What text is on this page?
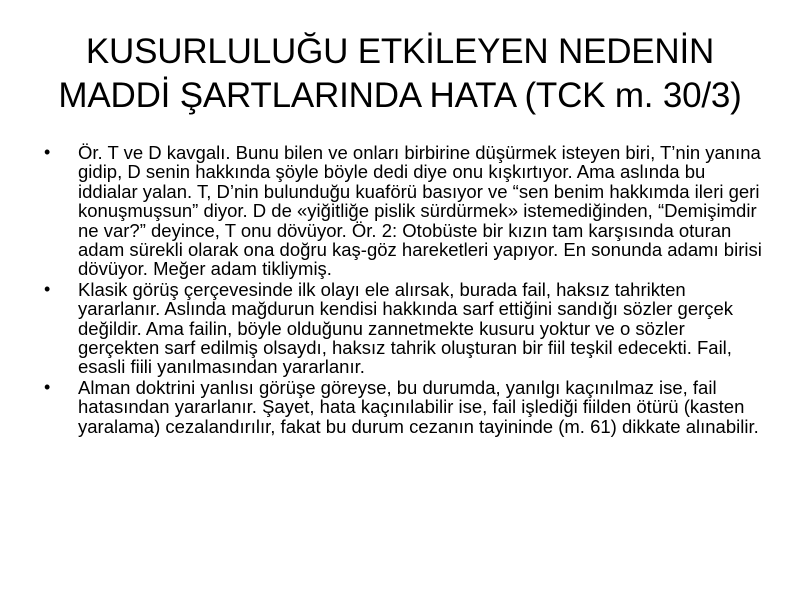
KUSURLULUĞU ETKİLEYEN NEDENİN
MADDİ ŞARTLARINDA HATA (TCK m. 30/3)
• Ör. T ve D kavgalı. Bunu bilen ve onları birbirine düşürmek isteyen biri, T’nin yanına gidip, D senin hakkında şöyle böyle dedi diye onu kışkırtıyor. Ama aslında bu iddialar yalan. T, D’nin bulunduğu kuaförü basıyor ve “sen benim hakkımda ileri geri konuşmuşsun” diyor. D de «yiğitliğe pislik sürdürmek» istemediğinden, “Demişimdir ne var?” deyince, T onu dövüyor. Ör. 2: Otobüste bir kızın tam karşısında oturan adam sürekli olarak ona doğru kaş-göz hareketleri yapıyor. En sonunda adamı birisi dövüyor. Meğer adam tikliymiş.
• Klasik görüş çerçevesinde ilk olayı ele alırsak, burada fail, haksız tahrikten yararlanır. Aslında mağdurun kendisi hakkında sarf ettiğini sandığı sözler gerçek değildir. Ama failin, böyle olduğunu zannetmekte kusuru yoktur ve o sözler gerçekten sarf edilmiş olsaydı, haksız tahrik oluşturan bir fiil teşkil edecekti. Fail, esasli fiili yanılmasından yararlanır.
• Alman doktrini yanlısı görüşe göreyse, bu durumda, yanılgı kaçınılmaz ise, fail hatasından yararlanır. Şayet, hata kaçınılabilir ise, fail işlediği fiilden ötürü (kasten yaralama) cezalandırılır, fakat bu durum cezanın tayininde (m. 61) dikkate alınabilir.
